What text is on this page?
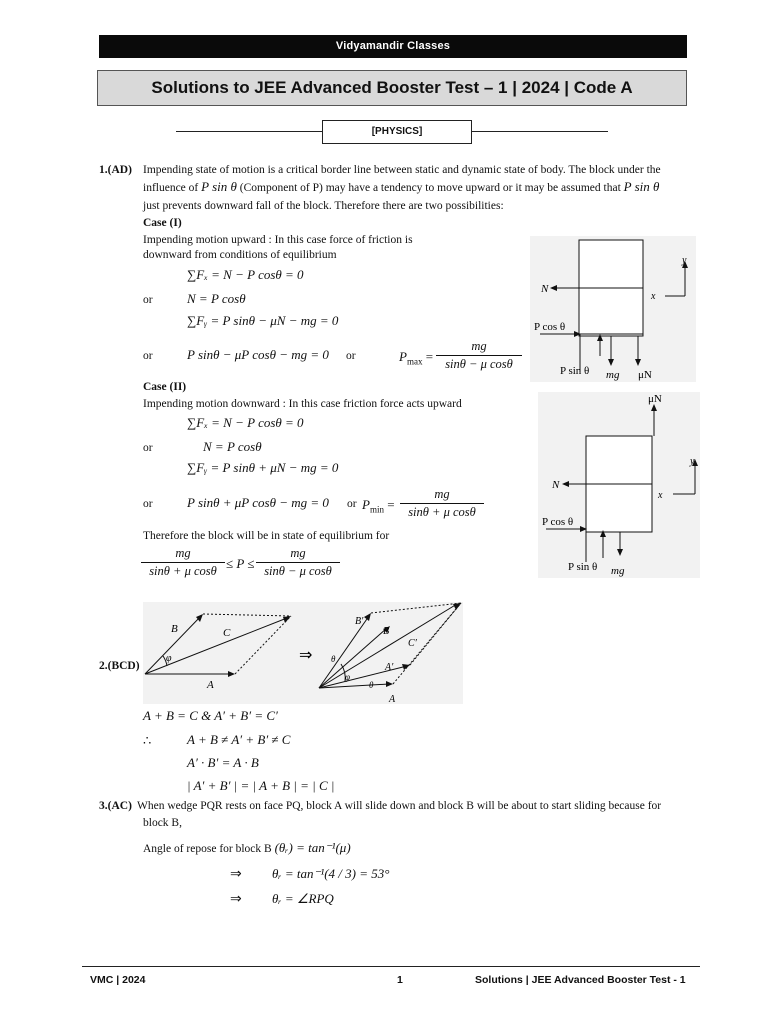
Vidyamandir Classes
Solutions to JEE Advanced Booster Test – 1 | 2024 | Code A
[PHYSICS]
1.(AD) Impending state of motion is a critical border line between static and dynamic state of body. The block under the
influence of P sin θ (Component of P) may have a tendency to move upward or it may be assumed that P sin θ
just prevents downward fall of the block. Therefore there are two possibilities:
Case (I)
Impending motion upward : In this case force of friction is
downward from conditions of equilibrium
∑Fₓ = N − P cosθ = 0
or	N = P cosθ
∑Fᵧ = P sinθ − μN − mg = 0
or	P sinθ − μP cosθ − mg = 0 or	$P_{max} = \frac{mg}{\text{sinθ − μ cosθ}}$
Case (II)
Impending motion downward : In this case friction force acts upward
∑Fₓ = N − P cosθ = 0
or	N = P cosθ
∑Fᵧ = P sinθ + μN − mg = 0
or	P sinθ + μP cosθ − mg = 0 or $P_{min} = \frac{mg}{\text{sinθ + μ cosθ}}$
Therefore the block will be in state of equilibrium for
$\frac{mg}{\text{sinθ + μ cosθ}} \le P \le \frac{mg}{\text{sinθ − μ cosθ}}$
N
x
y
P cos θ
P sin θ mg μN
N
x
y
μN
P cos θ
P sin θ mg
2.(BCD)
B	C
A
φ	⇒
B′
B
C′
A′
A
θ
φ
θ
A + B = C & A′ + B′ = C′
∴	A + B ≠ A′ + B′ ≠ C
A′ · B′ = A · B
| A′ + B′ | = | A + B | = | C |
3.(AC) When wedge PQR rests on face PQ, block A will slide down and block B will be about to start sliding because for
block B,
Angle of repose for block B (θᵣ) = tan⁻¹(μ)
⇒ θᵣ = tan⁻¹(4 / 3) = 53°
⇒ θᵣ = ∠RPQ
VMC | 2024	1	Solutions | JEE Advanced Booster Test - 1
